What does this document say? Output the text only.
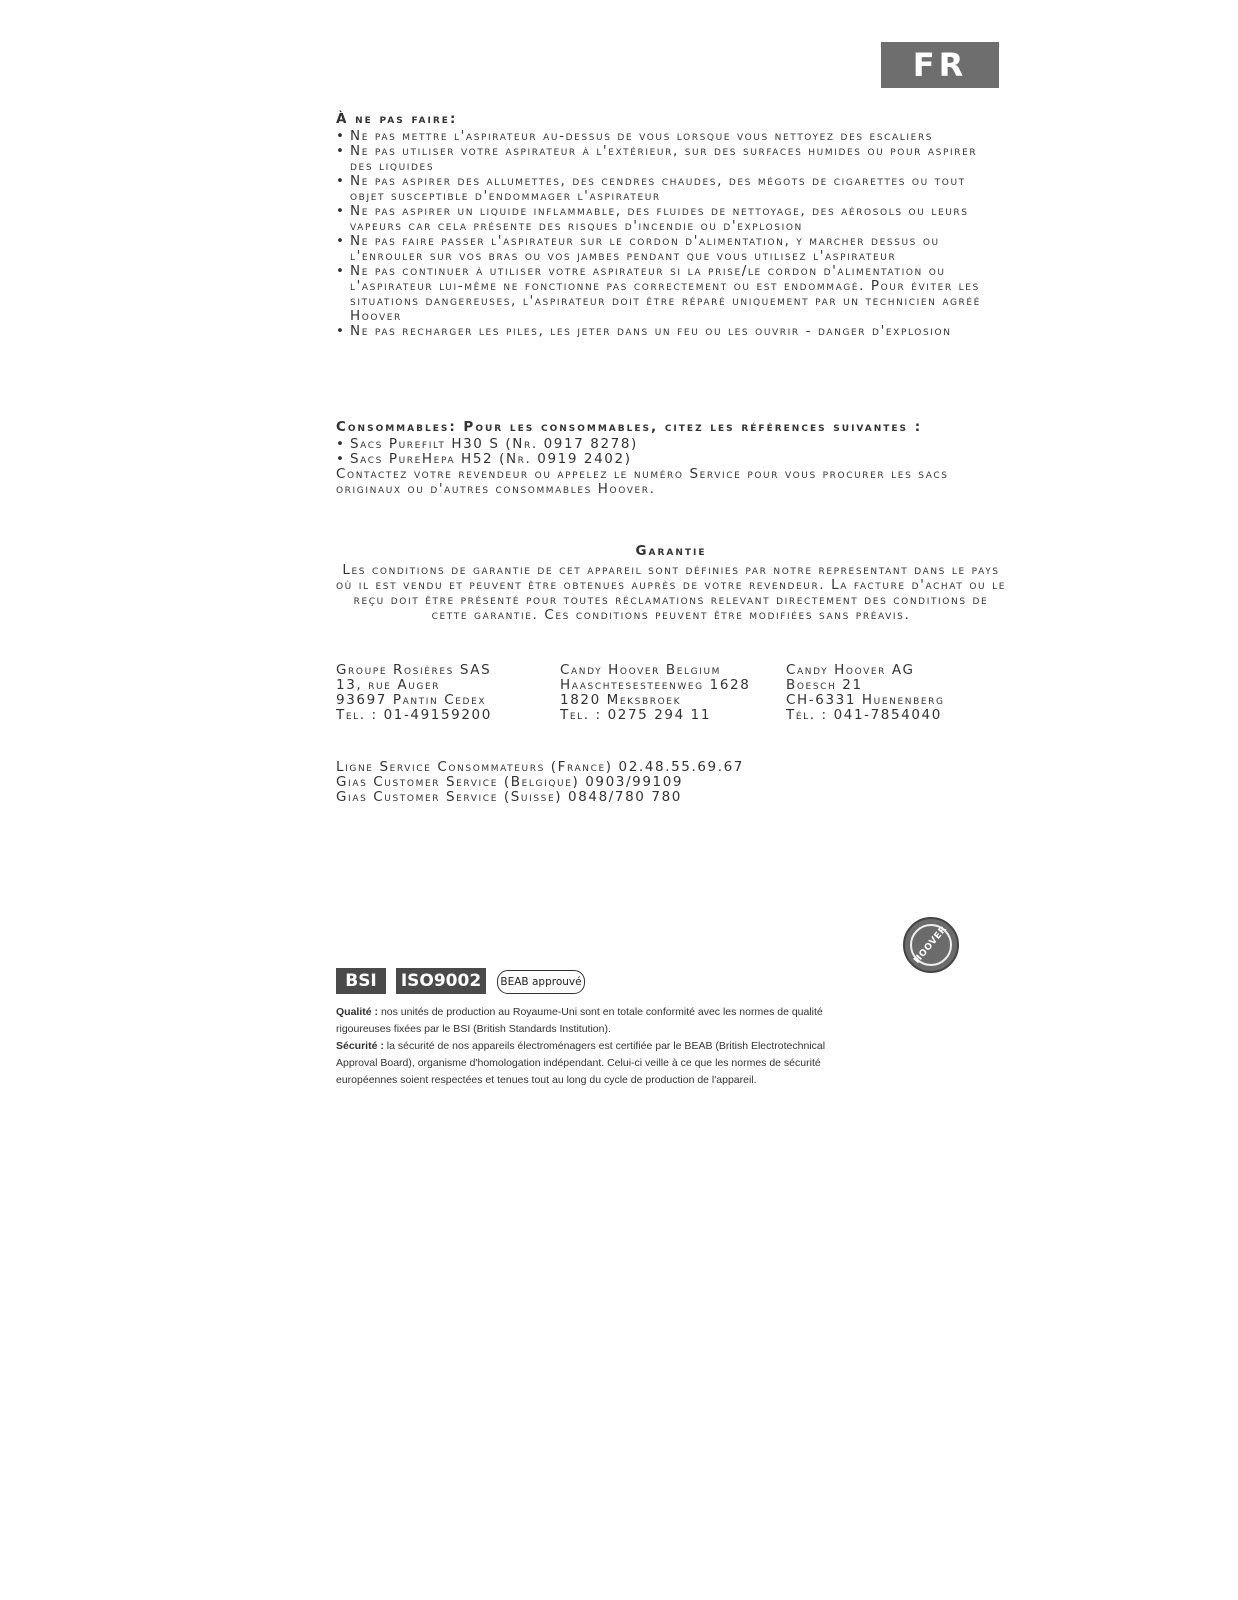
FR
À ne pas faire:
• Ne pas mettre l'aspirateur au-dessus de vous lorsque vous nettoyez des escaliers
• Ne pas utiliser votre aspirateur à l'extérieur, sur des surfaces humides ou pour aspirer des liquides
• Ne pas aspirer des allumettes, des cendres chaudes, des mégots de cigarettes ou tout objet susceptible d'endommager l'aspirateur
• Ne pas aspirer un liquide inflammable, des fluides de nettoyage, des aérosols ou leurs vapeurs car cela présente des risques d'incendie ou d'explosion
• Ne pas faire passer l'aspirateur sur le cordon d'alimentation, y marcher dessus ou l'enrouler sur vos bras ou vos jambes pendant que vous utilisez l'aspirateur
• Ne pas continuer à utiliser votre aspirateur si la prise/le cordon d'alimentation ou l'aspirateur lui-même ne fonctionne pas correctement ou est endommagé. Pour éviter les situations dangereuses, l'aspirateur doit être réparé uniquement par un technicien agréé Hoover
• Ne pas recharger les piles, les jeter dans un feu ou les ouvrir - danger d'explosion
Consommables: Pour les consommables, citez les références suivantes :
• Sacs Purefilt H30 S (Nr. 0917 8278)
• Sacs PureHepa H52 (Nr. 0919 2402)

Contactez votre revendeur ou appelez le numéro Service pour vous procurer les sacs originaux ou d'autres consommables Hoover.

Garantie

Les conditions de garantie de cet appareil sont définies par notre representant dans le pays où il est vendu et peuvent être obtenues auprès de votre revendeur. La facture d'achat ou le reçu doit être présenté pour toutes réclamations relevant directement des conditions de cette garantie. Ces conditions peuvent être modifiées sans préavis.

Groupe Rosières SAS

13, rue Auger

93697 Pantin Cedex

Tel. : 01-49159200

Candy Hoover Belgium

Haaschtesesteenweg 1628

1820 Meksbroek

Tel. : 0275 294 11

Candy Hoover AG

Boesch 21

CH-6331 Huenenberg

Tél. : 041-7854040

Ligne Service Consommateurs (France) 02.48.55.69.67

Gias Customer Service (Belgique) 0903/99109

Gias Customer Service (Suisse) 0848/780 780

HOOVER
BSI	ISO9002	BEAB approuvé

Qualité : nos unités de production au Royaume-Uni sont en totale conformité avec les normes de qualité rigoureuses fixées par le BSI (British Standards Institution).

Sécurité : la sécurité de nos appareils électroménagers est certifiée par le BEAB (British Electrotechnical Approval Board), organisme d'homologation indépendant. Celui-ci veille à ce que les normes de sécurité européennes soient respectées et tenues tout au long du cycle de production de l'appareil.
